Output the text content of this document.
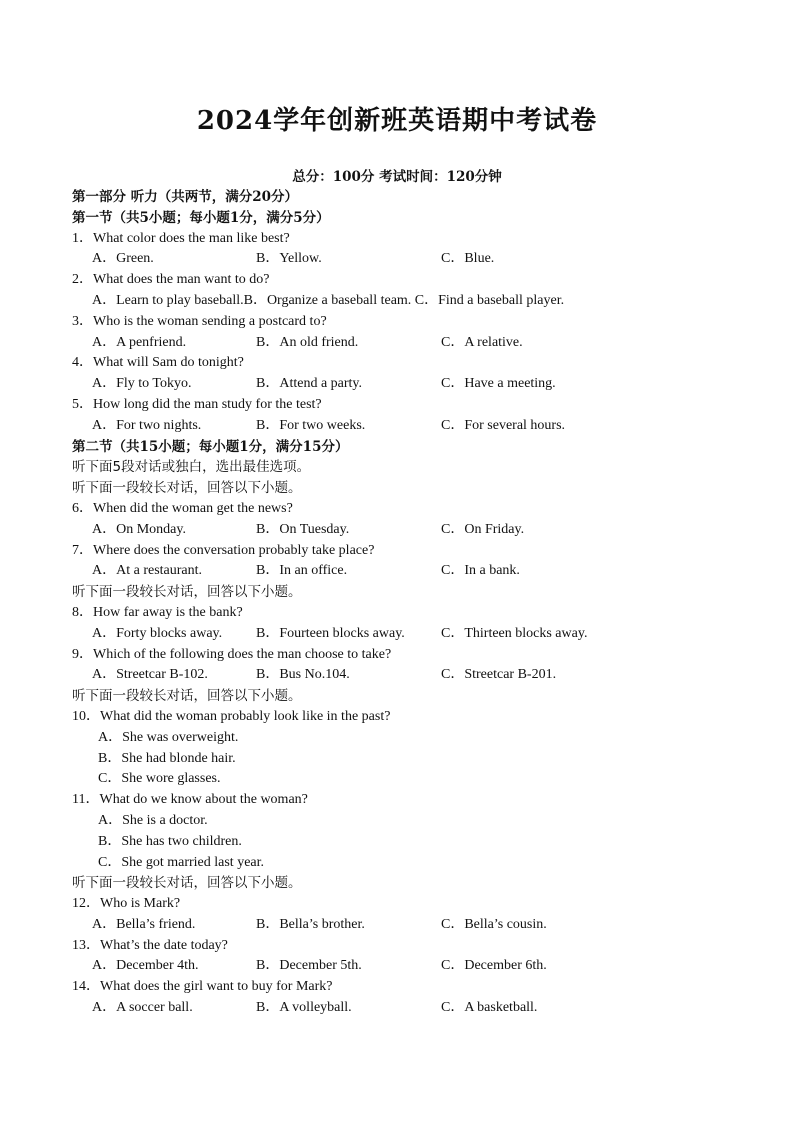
2024学年创新班英语期中考试卷
总分：100分 考试时间：120分钟
第一部分 听力（共两节，满分20分）
第一节（共5小题；每小题1分，满分5分）
1．What color does the man like best?
A．Green.	B．Yellow.	C．Blue.
2．What does the man want to do?
A．Learn to play baseball.B．Organize a baseball team. C．Find a baseball player.
3．Who is the woman sending a postcard to?
A．A penfriend.	B．An old friend.	C．A relative.
4．What will Sam do tonight?
A．Fly to Tokyo.	B．Attend a party.	C．Have a meeting.
5．How long did the man study for the test?
A．For two nights.	B．For two weeks.	C．For several hours.
第二节（共15小题；每小题1分，满分15分）
听下面5段对话或独白，选出最佳选项。
听下面一段较长对话，回答以下小题。
6．When did the woman get the news?
A．On Monday.	B．On Tuesday.	C．On Friday.
7．Where does the conversation probably take place?
A．At a restaurant.	B．In an office.	C．In a bank.
听下面一段较长对话，回答以下小题。
8．How far away is the bank?
A．Forty blocks away. B．Fourteen blocks away.	C．Thirteen blocks away.
9．Which of the following does the man choose to take?
A．Streetcar B-102.	B．Bus No.104.	C．Streetcar B-201.
听下面一段较长对话，回答以下小题。
10．What did the woman probably look like in the past?
A．She was overweight.
B．She had blonde hair.
C．She wore glasses.
11．What do we know about the woman?
A．She is a doctor.
B．She has two children.
C．She got married last year.
听下面一段较长对话，回答以下小题。
12．Who is Mark?
A．Bella’s friend.	B．Bella’s brother.	C．Bella’s cousin.
13．What’s the date today?
A．December 4th.	B．December 5th.	C．December 6th.
14．What does the girl want to buy for Mark?
A．A soccer ball.	B．A volleyball.	C．A basketball.
